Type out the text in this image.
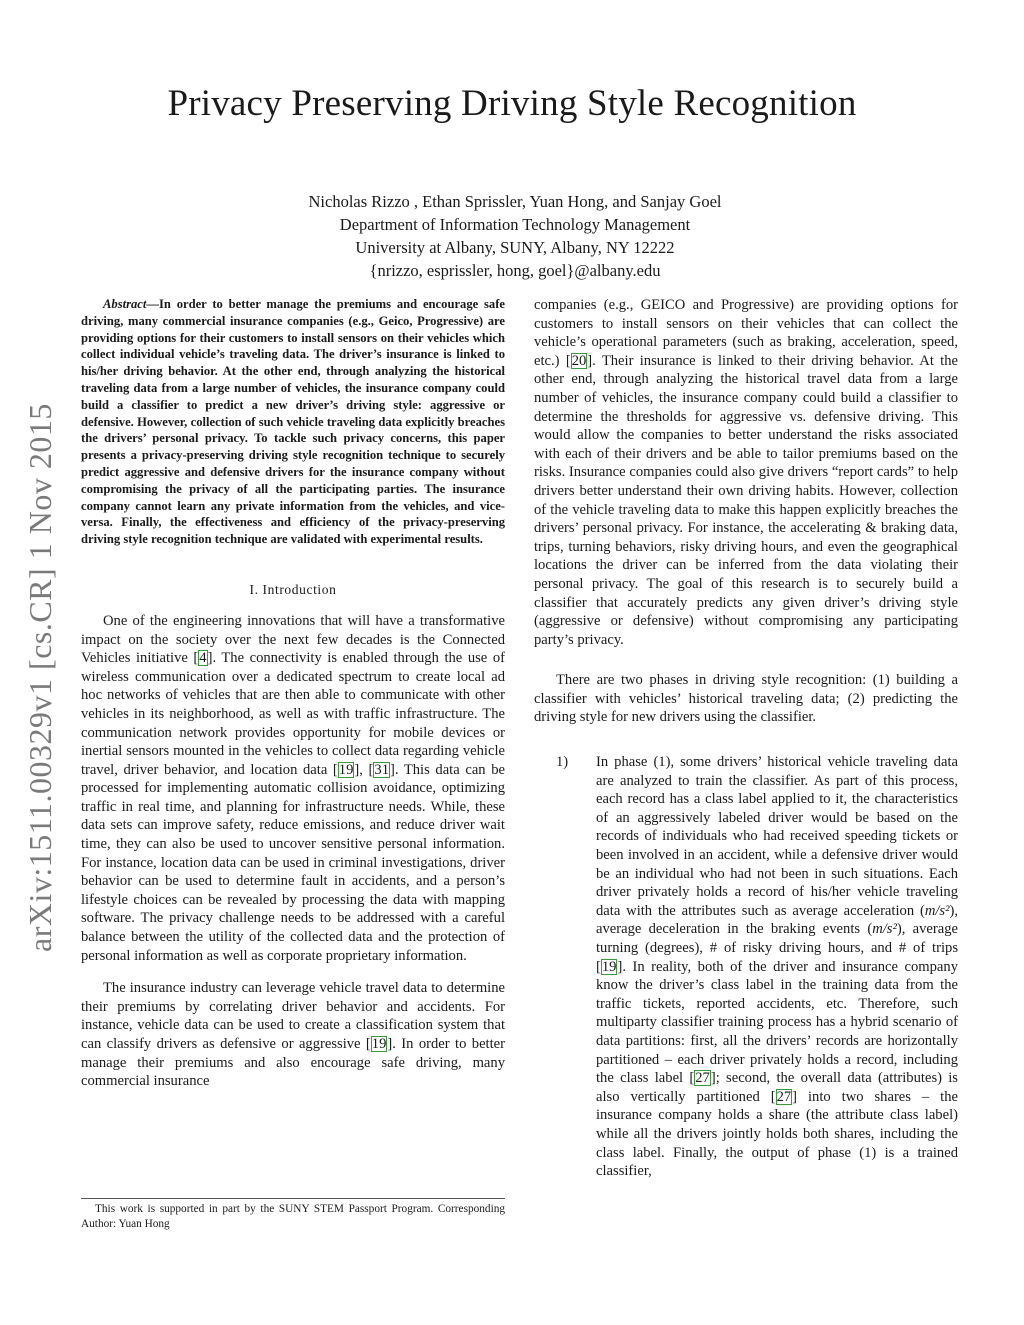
Privacy Preserving Driving Style Recognition
Nicholas Rizzo , Ethan Sprissler, Yuan Hong, and Sanjay Goel
Department of Information Technology Management
University at Albany, SUNY, Albany, NY 12222
{nrizzo, esprissler, hong, goel}@albany.edu
arXiv:1511.00329v1 [cs.CR] 1 Nov 2015

Abstract—In order to better manage the premiums and encourage safe driving, many commercial insurance companies (e.g., Geico, Progressive) are providing options for their customers to install sensors on their vehicles which collect individual vehicle’s traveling data. The driver’s insurance is linked to his/her driving behavior. At the other end, through analyzing the historical traveling data from a large number of vehicles, the insurance company could build a classifier to predict a new driver’s driving style: aggressive or defensive. However, collection of such vehicle traveling data explicitly breaches the drivers’ personal privacy. To tackle such privacy concerns, this paper presents a privacy-preserving driving style recognition technique to securely predict aggressive and defensive drivers for the insurance company without compromising the privacy of all the participating parties. The insurance company cannot learn any private information from the vehicles, and vice-versa. Finally, the effectiveness and efficiency of the privacy-preserving driving style recognition technique are validated with experimental results.

I. Introduction

One of the engineering innovations that will have a transformative impact on the society over the next few decades is the Connected Vehicles initiative [4]. The connectivity is enabled through the use of wireless communication over a dedicated spectrum to create local ad hoc networks of vehicles that are then able to communicate with other vehicles in its neighborhood, as well as with traffic infrastructure. The communication network provides opportunity for mobile devices or inertial sensors mounted in the vehicles to collect data regarding vehicle travel, driver behavior, and location data [19], [31]. This data can be processed for implementing automatic collision avoidance, optimizing traffic in real time, and planning for infrastructure needs. While, these data sets can improve safety, reduce emissions, and reduce driver wait time, they can also be used to uncover sensitive personal information. For instance, location data can be used in criminal investigations, driver behavior can be used to determine fault in accidents, and a person’s lifestyle choices can be revealed by processing the data with mapping software. The privacy challenge needs to be addressed with a careful balance between the utility of the collected data and the protection of personal information as well as corporate proprietary information.

The insurance industry can leverage vehicle travel data to determine their premiums by correlating driver behavior and accidents. For instance, vehicle data can be used to create a classification system that can classify drivers as defensive or aggressive [19]. In order to better manage their premiums and also encourage safe driving, many commercial insurance

This work is supported in part by the SUNY STEM Passport Program. Corresponding Author: Yuan Hong

companies (e.g., GEICO and Progressive) are providing options for customers to install sensors on their vehicles that can collect the vehicle’s operational parameters (such as braking, acceleration, speed, etc.) [20]. Their insurance is linked to their driving behavior. At the other end, through analyzing the historical travel data from a large number of vehicles, the insurance company could build a classifier to determine the thresholds for aggressive vs. defensive driving. This would allow the companies to better understand the risks associated with each of their drivers and be able to tailor premiums based on the risks. Insurance companies could also give drivers “report cards” to help drivers better understand their own driving habits. However, collection of the vehicle traveling data to make this happen explicitly breaches the drivers’ personal privacy. For instance, the accelerating & braking data, trips, turning behaviors, risky driving hours, and even the geographical locations the driver can be inferred from the data violating their personal privacy. The goal of this research is to securely build a classifier that accurately predicts any given driver’s driving style (aggressive or defensive) without compromising any participating party’s privacy.

There are two phases in driving style recognition: (1) building a classifier with vehicles’ historical traveling data; (2) predicting the driving style for new drivers using the classifier.

1) In phase (1), some drivers’ historical vehicle traveling data are analyzed to train the classifier. As part of this process, each record has a class label applied to it, the characteristics of an aggressively labeled driver would be based on the records of individuals who had received speeding tickets or been involved in an accident, while a defensive driver would be an individual who had not been in such situations. Each driver privately holds a record of his/her vehicle traveling data with the attributes such as average acceleration (m/s²), average deceleration in the braking events (m/s²), average turning (degrees), # of risky driving hours, and # of trips [19]. In reality, both of the driver and insurance company know the driver’s class label in the training data from the traffic tickets, reported accidents, etc. Therefore, such multiparty classifier training process has a hybrid scenario of data partitions: first, all the drivers’ records are horizontally partitioned – each driver privately holds a record, including the class label [27]; second, the overall data (attributes) is also vertically partitioned [27] into two shares – the insurance company holds a share (the attribute class label) while all the drivers jointly holds both shares, including the class label. Finally, the output of phase (1) is a trained classifier,
